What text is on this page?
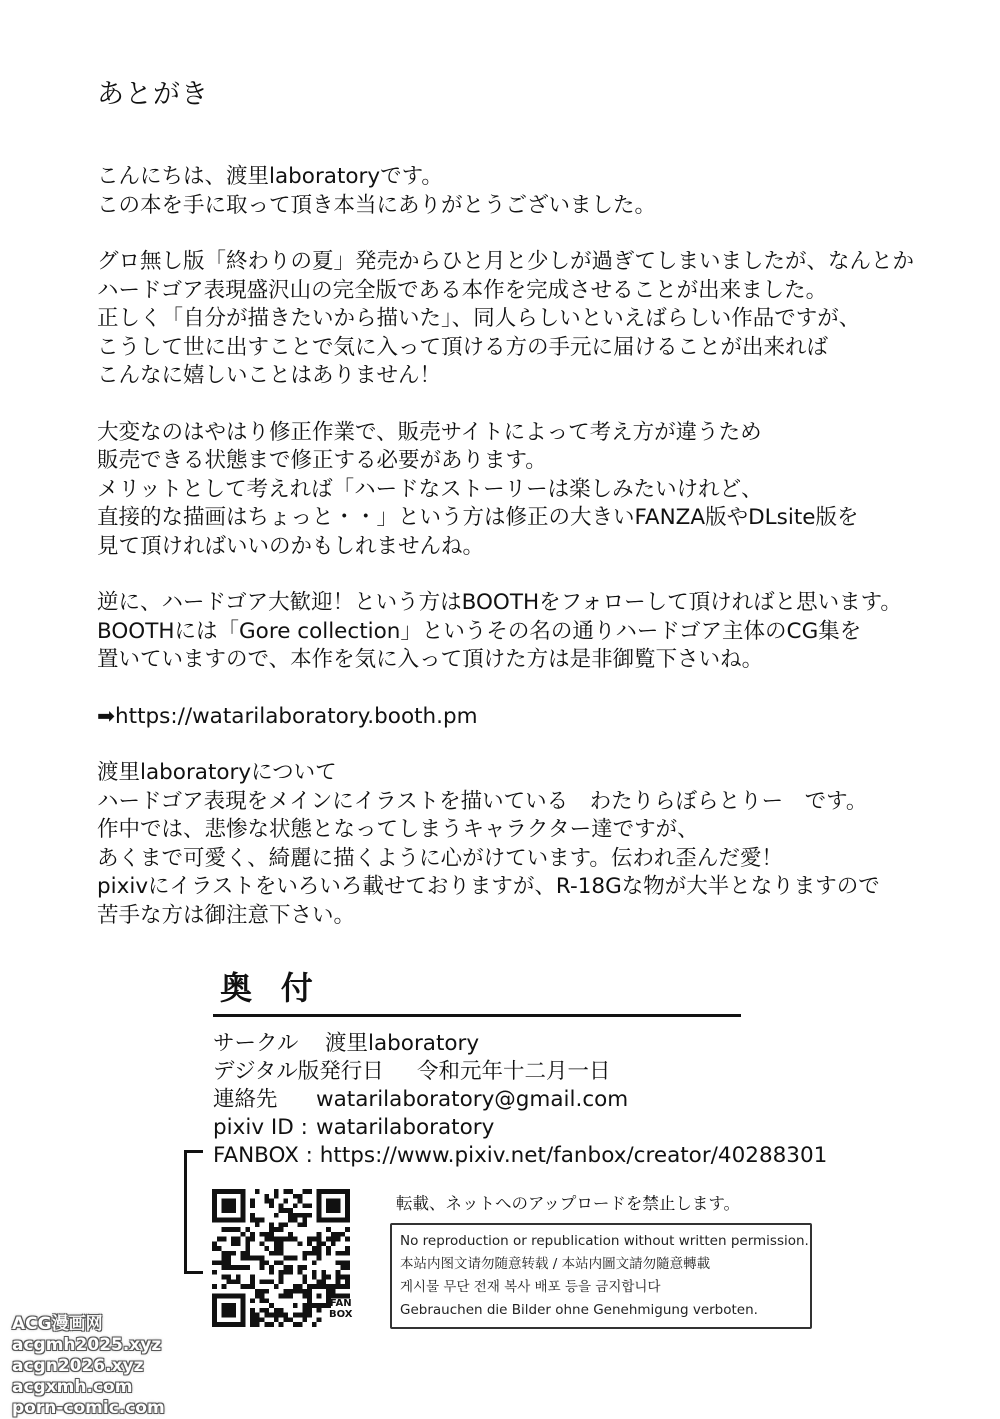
あとがき
こんにちは、渡里laboratoryです。
この本を手に取って頂き本当にありがとうございました。
グロ無し版「終わりの夏」発売からひと月と少しが過ぎてしまいましたが、なんとか
ハードゴア表現盛沢山の完全版である本作を完成させることが出来ました。
正しく「自分が描きたいから描いた」、同人らしいといえばらしい作品ですが、
こうして世に出すことで気に入って頂ける方の手元に届けることが出来れば
こんなに嬉しいことはありません！
大変なのはやはり修正作業で、販売サイトによって考え方が違うため
販売できる状態まで修正する必要があります。
メリットとして考えれば「ハードなストーリーは楽しみたいけれど、
直接的な描画はちょっと・・」という方は修正の大きいFANZA版やDLsite版を
見て頂ければいいのかもしれませんね。
逆に、ハードゴア大歓迎！という方はBOOTHをフォローして頂ければと思います。
BOOTHには「Gore collection」というその名の通りハードゴア主体のCG集を
置いていますので、本作を気に入って頂けた方は是非御覧下さいね。
➡https://watarilaboratory.booth.pm
渡里laboratoryについて
ハードゴア表現をメインにイラストを描いている　わたりらぼらとりー　です。
作中では、悲惨な状態となってしまうキャラクター達ですが、
あくまで可愛く、綺麗に描くように心がけています。伝われ歪んだ愛！
pixivにイラストをいろいろ載せておりますが、R-18Gな物が大半となりますので
苦手な方は御注意下さい。
奥付
サークル 渡里laboratory
デジタル版発行日 令和元年十二月一日
連絡先 watarilaboratory@gmail.com
pixiv ID : watarilaboratory
FANBOX : https://www.pixiv.net/fanbox/creator/40288301
FAN
BOX
転載、ネットへのアップロードを禁止します。
No reproduction or republication without written permission.
本站内图文请勿随意转载 / 本站内圖文請勿隨意轉載
게시물 무단 전재 복사 배포 등을 금지합니다
Gebrauchen die Bilder ohne Genehmigung verboten.
ACG漫画网
acgmh2025.xyz
acgn2026.xyz
acgxmh.com
porn-comic.com
